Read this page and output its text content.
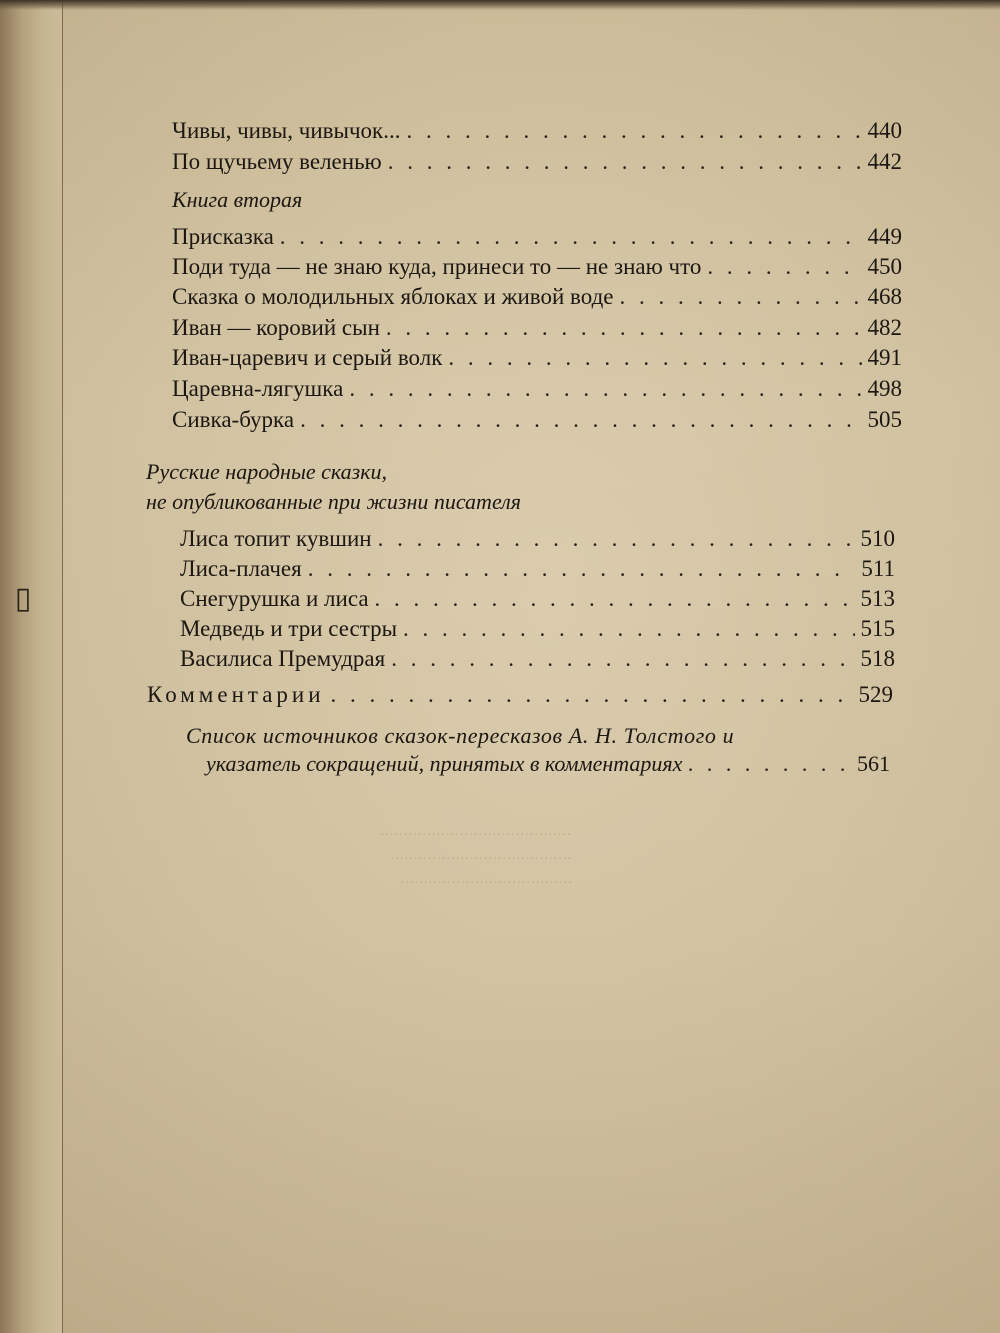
▯
·········································
·······································
·····································
Чивы, чивы, чивычок... . . .	440
По щучьему веленью . . .	442
Книга вторая
Присказка . . .	449
Поди туда — не знаю куда, принеси то — не знаю что . . .	450
Сказка о молодильных яблоках и живой воде . . .	468
Иван — коровий сын . . .	482
Иван-царевич и серый волк . . .	491
Царевна-лягушка . . .	498
Сивка-бурка . . .	505
Русские народные сказки,
не опубликованные при жизни писателя
Лиса топит кувшин . . .	510
Лиса-плачея . . .	511
Снегурушка и лиса . . .	513
Медведь и три сестры . . .	515
Василиса Премудрая . . .	518
Комментарии . . .	529
Список источников сказок-пересказов А. Н. Толстого и
указатель сокращений, принятых в комментариях . . .	561
